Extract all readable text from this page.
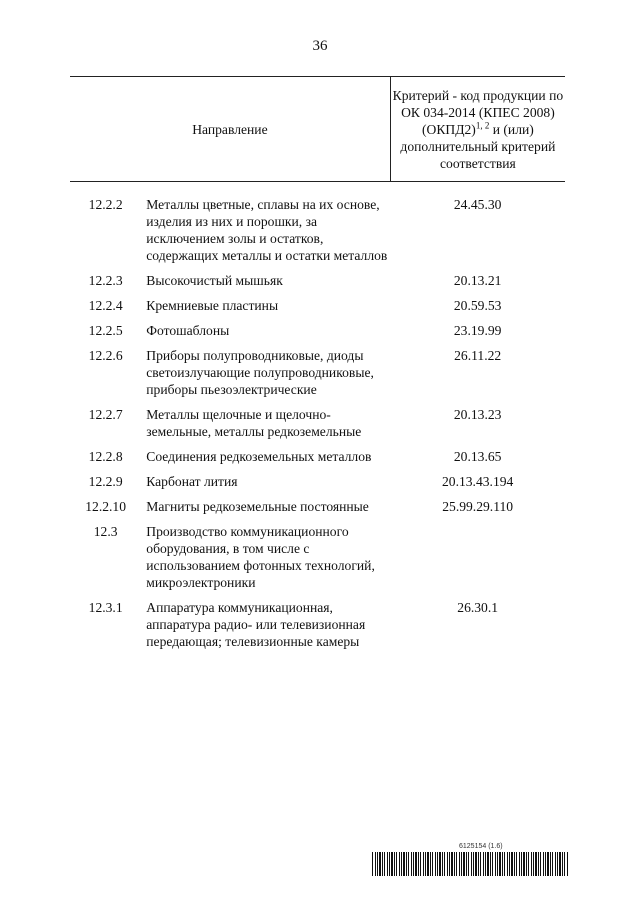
36
Направление		Критерий - код продукции по ОК 034-2014 (КПЕС 2008) (ОКПД2)$^{1, 2}$ и (или) дополнительный критерий соответствия
12.2.2	Металлы цветные, сплавы на их основе, изделия из них и порошки, за исключением золы и остатков, содержащих металлы и остатки металлов	24.45.30
12.2.3	Высокочистый мышьяк	20.13.21
12.2.4	Кремниевые пластины	20.59.53
12.2.5	Фотошаблоны	23.19.99
12.2.6	Приборы полупроводниковые, диоды светоизлучающие полупроводниковые, приборы пьезоэлектрические	26.11.22
12.2.7	Металлы щелочные и щелочно-земельные, металлы редкоземельные	20.13.23
12.2.8	Соединения редкоземельных металлов	20.13.65
12.2.9	Карбонат лития	20.13.43.194
12.2.10	Магниты редкоземельные постоянные	25.99.29.110
12.3	Производство коммуникационного оборудования, в том числе с использованием фотонных технологий, микроэлектроники	
12.3.1	Аппаратура коммуникационная, аппаратура радио- или телевизионная передающая; телевизионные камеры	26.30.1
6125154 (1.6)
